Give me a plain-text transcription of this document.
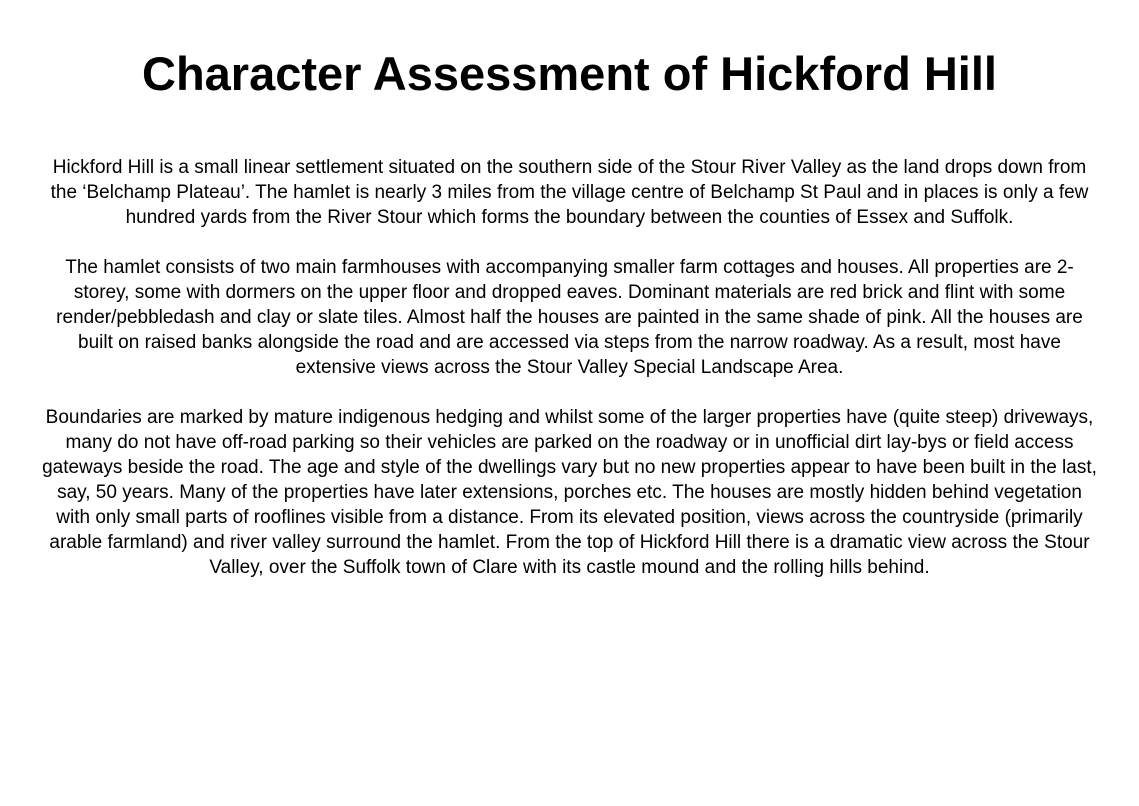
Character Assessment of Hickford Hill

Hickford Hill is a small linear settlement situated on the southern side of the Stour River Valley as the land drops down from the ‘Belchamp Plateau’. The hamlet is nearly 3 miles from the village centre of Belchamp St Paul and in places is only a few hundred yards from the River Stour which forms the boundary between the counties of Essex and Suffolk.

The hamlet consists of two main farmhouses with accompanying smaller farm cottages and houses. All properties are 2-storey, some with dormers on the upper floor and dropped eaves. Dominant materials are red brick and flint with some render/pebbledash and clay or slate tiles. Almost half the houses are painted in the same shade of pink. All the houses are built on raised banks alongside the road and are accessed via steps from the narrow roadway. As a result, most have extensive views across the Stour Valley Special Landscape Area.

Boundaries are marked by mature indigenous hedging and whilst some of the larger properties have (quite steep) driveways, many do not have off-road parking so their vehicles are parked on the roadway or in unofficial dirt lay-bys or field access gateways beside the road. The age and style of the dwellings vary but no new properties appear to have been built in the last, say, 50 years. Many of the properties have later extensions, porches etc. The houses are mostly hidden behind vegetation with only small parts of rooflines visible from a distance. From its elevated position, views across the countryside (primarily arable farmland) and river valley surround the hamlet. From the top of Hickford Hill there is a dramatic view across the Stour Valley, over the Suffolk town of Clare with its castle mound and the rolling hills behind.
